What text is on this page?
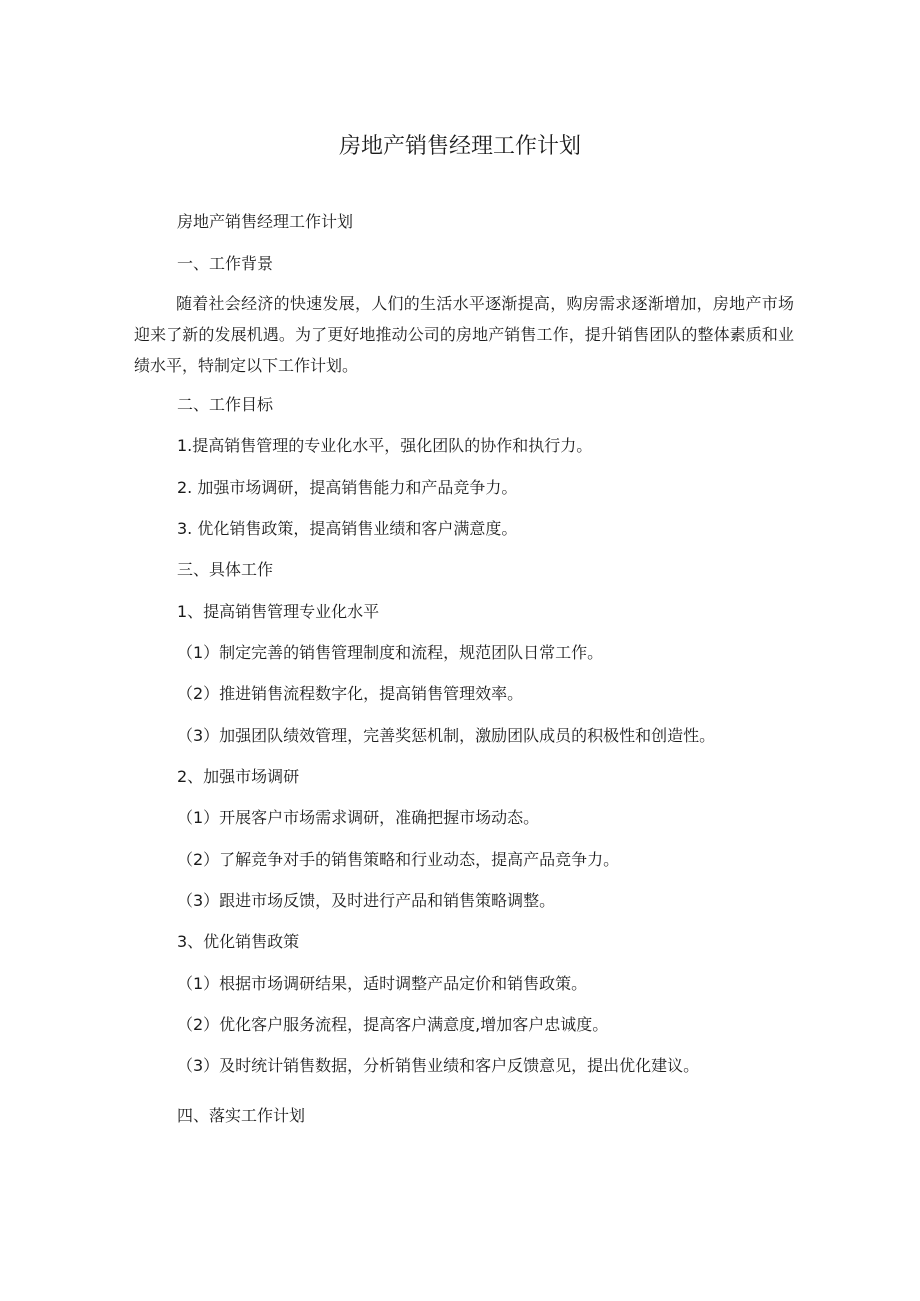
房地产销售经理工作计划
房地产销售经理工作计划
一、工作背景
随着社会经济的快速发展，人们的生活水平逐渐提高，购房需求逐渐增加，房地产市场迎来了新的发展机遇。为了更好地推动公司的房地产销售工作，提升销售团队的整体素质和业绩水平，特制定以下工作计划。
二、工作目标
1.提高销售管理的专业化水平，强化团队的协作和执行力。
2. 加强市场调研，提高销售能力和产品竞争力。
3. 优化销售政策，提高销售业绩和客户满意度。
三、具体工作
1、提高销售管理专业化水平
（1）制定完善的销售管理制度和流程，规范团队日常工作。
（2）推进销售流程数字化，提高销售管理效率。
（3）加强团队绩效管理，完善奖惩机制，激励团队成员的积极性和创造性。
2、加强市场调研
（1）开展客户市场需求调研，准确把握市场动态。
（2）了解竞争对手的销售策略和行业动态，提高产品竞争力。
（3）跟进市场反馈，及时进行产品和销售策略调整。
3、优化销售政策
（1）根据市场调研结果，适时调整产品定价和销售政策。
（2）优化客户服务流程，提高客户满意度,增加客户忠诚度。
（3）及时统计销售数据，分析销售业绩和客户反馈意见，提出优化建议。
四、落实工作计划
